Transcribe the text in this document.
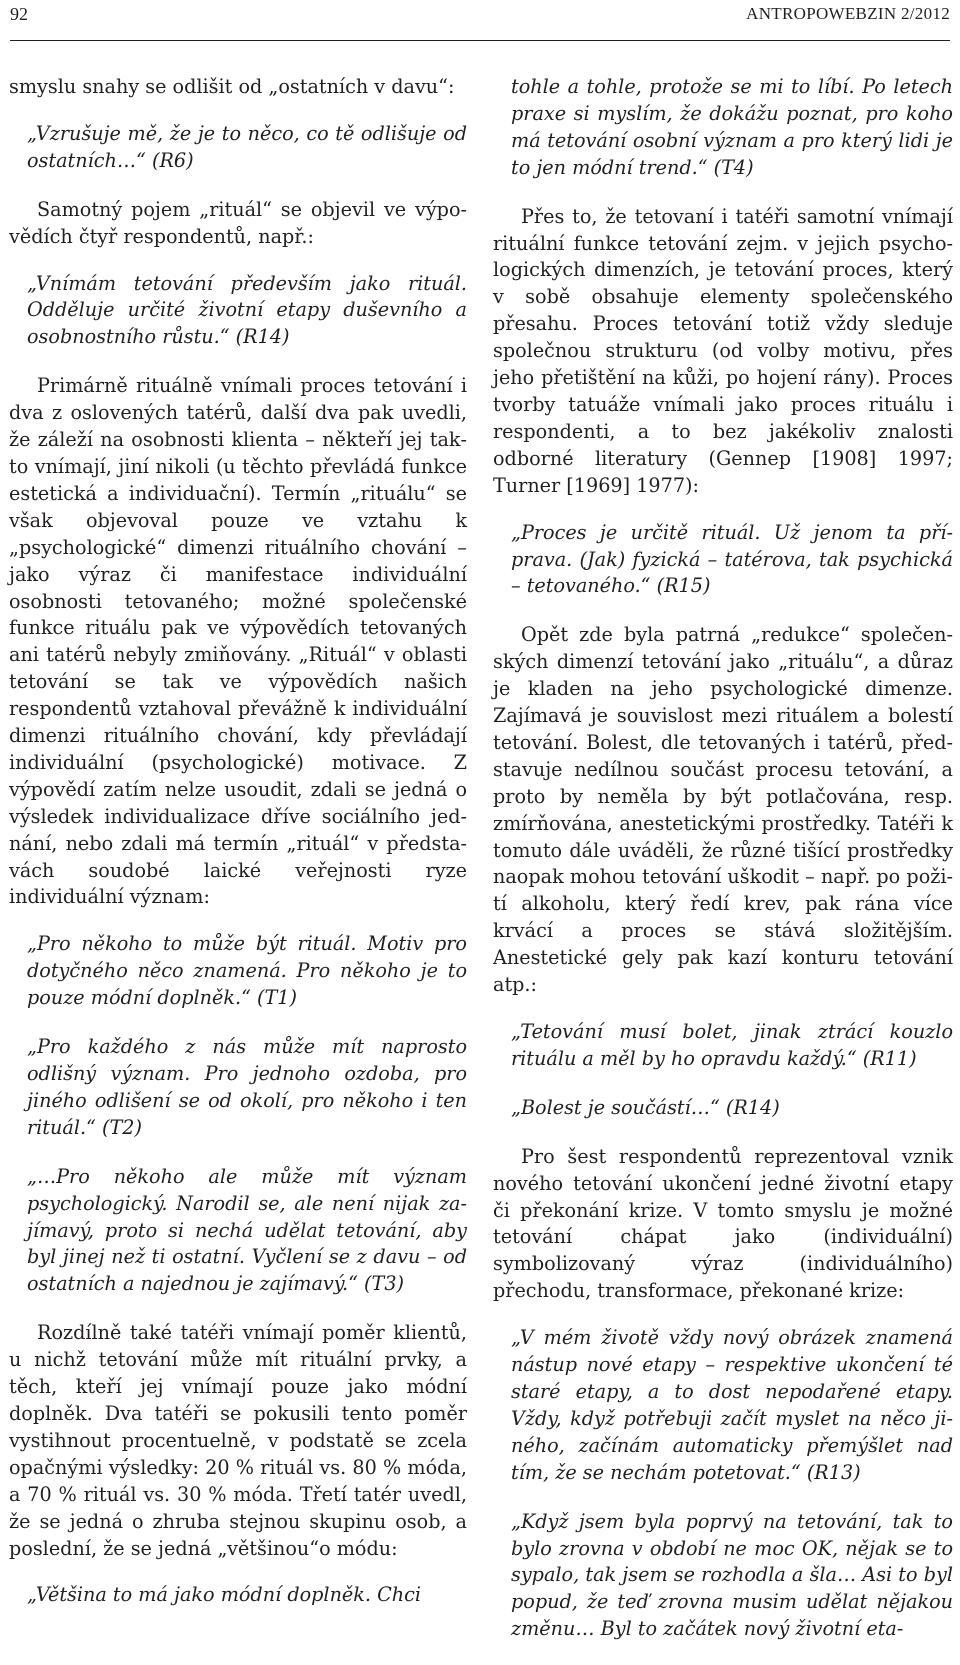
92	ANTROPOWEBZIN 2/2012

smyslu snahy se odlišit od „ostatních v davu“:

„Vzrušuje mě, že je to něco, co tě odlišuje od ostatních…“ (R6)

Samotný pojem „rituál“ se objevil ve výpovědích čtyř respondentů, např.:

„Vnímám tetování především jako rituál. Odděluje určité životní etapy duševního a osobnostního růstu.“ (R14)

Primárně rituálně vnímali proces tetování i dva z oslovených tatérů, další dva pak uvedli, že záleží na osobnosti klienta – někteří jej takto vnímají, jiní nikoli (u těchto převládá funkce estetická a individuační). Termín „rituálu“ se však objevoval pouze ve vztahu k „psychologické“ dimenzi rituálního chování – jako výraz či manifestace individuální osobnosti tetovaného; možné společenské funkce rituálu pak ve výpovědích tetovaných ani tatérů nebyly zmiňovány. „Rituál“ v oblasti tetování se tak ve výpovědích našich respondentů vztahoval převážně k individuální dimenzi rituálního chování, kdy převládají individuální (psychologické) motivace. Z výpovědí zatím nelze usoudit, zdali se jedná o výsledek individualizace dříve sociálního jednání, nebo zdali má termín „rituál“ v představách soudobé laické veřejnosti ryze individuální význam:

„Pro někoho to může být rituál. Motiv pro dotyčného něco znamená. Pro někoho je to pouze módní doplněk.“ (T1)

„Pro každého z nás může mít naprosto odlišný význam. Pro jednoho ozdoba, pro jiného odlišení se od okolí, pro někoho i ten rituál.“ (T2)

„…Pro někoho ale může mít význam psychologický. Narodil se, ale není nijak zajímavý, proto si nechá udělat tetování, aby byl jinej než ti ostatní. Vyčlení se z davu – od ostatních a najednou je zajímavý.“ (T3)

Rozdílně také tatéři vnímají poměr klientů, u nichž tetování může mít rituální prvky, a těch, kteří jej vnímají pouze jako módní doplněk. Dva tatéři se pokusili tento poměr vystihnout procentuelně, v podstatě se zcela opačnými výsledky: 20 % rituál vs. 80 % móda, a 70 % rituál vs. 30 % móda. Třetí tatér uvedl, že se jedná o zhruba stejnou skupinu osob, a poslední, že se jedná „většinou“o módu:

„Většina to má jako módní doplněk. Chci

tohle a tohle, protože se mi to líbí. Po letech praxe si myslím, že dokážu poznat, pro koho má tetování osobní význam a pro který lidi je to jen módní trend.“ (T4)

Přes to, že tetovaní i tatéři samotní vnímají rituální funkce tetování zejm. v jejich psychologických dimenzích, je tetování proces, který v sobě obsahuje elementy společenského přesahu. Proces tetování totiž vždy sleduje společnou strukturu (od volby motivu, přes jeho přetištění na kůži, po hojení rány). Proces tvorby tatuáže vnímali jako proces rituálu i respondenti, a to bez jakékoliv znalosti odborné literatury (Gennep [1908] 1997; Turner [1969] 1977):

„Proces je určitě rituál. Už jenom ta příprava. (Jak) fyzická – tatérova, tak psychická – tetovaného.“ (R15)

Opět zde byla patrná „redukce“ společenských dimenzí tetování jako „rituálu“, a důraz je kladen na jeho psychologické dimenze. Zajímavá je souvislost mezi rituálem a bolestí tetování. Bolest, dle tetovaných i tatérů, představuje nedílnou součást procesu tetování, a proto by neměla by být potlačována, resp. zmírňována, anestetickými prostředky. Tatéři k tomuto dále uváděli, že různé tišící prostředky naopak mohou tetování uškodit – např. po požití alkoholu, který ředí krev, pak rána více krvácí a proces se stává složitějším. Anestetické gely pak kazí konturu tetování atp.:

„Tetování musí bolet, jinak ztrácí kouzlo rituálu a měl by ho opravdu každý.“ (R11)

„Bolest je součástí…“ (R14)

Pro šest respondentů reprezentoval vznik nového tetování ukončení jedné životní etapy či překonání krize. V tomto smyslu je možné tetování chápat jako (individuální) symbolizovaný výraz (individuálního) přechodu, transformace, překonané krize:

„V mém životě vždy nový obrázek znamená nástup nové etapy – respektive ukončení té staré etapy, a to dost nepodařené etapy. Vždy, když potřebuji začít myslet na něco jiného, začínám automaticky přemýšlet nad tím, že se nechám potetovat.“ (R13)

„Když jsem byla poprvý na tetování, tak to bylo zrovna v období ne moc OK, nějak se to sypalo, tak jsem se rozhodla a šla… Asi to byl popud, že teď zrovna musim udělat nějakou změnu… Byl to začátek nový životní eta-
